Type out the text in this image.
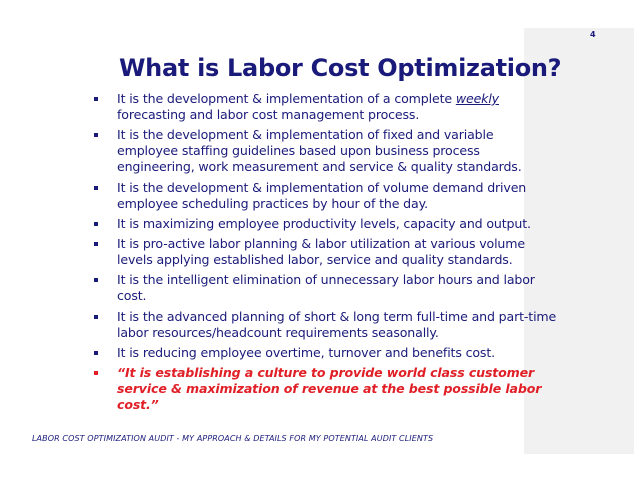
4
What is Labor Cost Optimization?
It is the development & implementation of a complete weekly forecasting and labor cost management process.
It is the development & implementation of fixed and variable employee staffing guidelines based upon business process engineering, work measurement and service & quality standards.
It is the development & implementation of volume demand driven employee scheduling practices by hour of the day.
It is maximizing employee productivity levels, capacity and output.
It is pro-active labor planning & labor utilization at various volume levels applying established labor, service and quality standards.
It is the intelligent elimination of unnecessary labor hours and labor cost.
It is the advanced planning of short & long term full-time and part-time labor resources/headcount requirements seasonally.
It is reducing employee overtime, turnover and benefits cost.
“It is establishing a culture to provide world class customer service & maximization of revenue at the best possible labor cost.”
LABOR COST OPTIMIZATION AUDIT - MY APPROACH & DETAILS FOR MY POTENTIAL AUDIT CLIENTS
